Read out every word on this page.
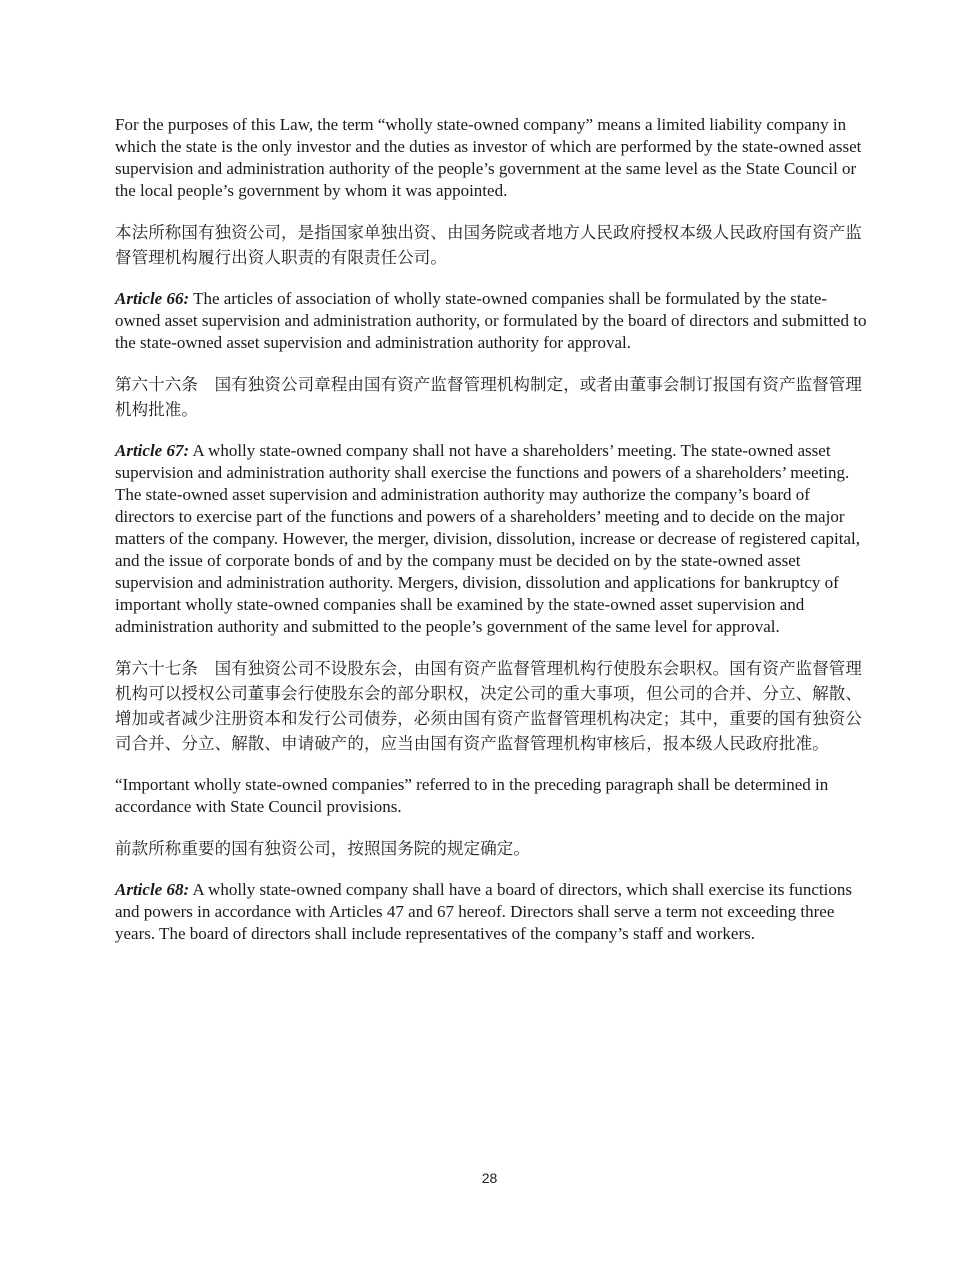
For the purposes of this Law, the term “wholly state-owned company” means a limited liability company in which the state is the only investor and the duties as investor of which are performed by the state-owned asset supervision and administration authority of the people’s government at the same level as the State Council or the local people’s government by whom it was appointed.

本法所称国有独资公司，是指国家单独出资、由国务院或者地方人民政府授权本级人民政府国有资产监督管理机构履行出资人职责的有限责任公司。

Article 66: The articles of association of wholly state-owned companies shall be formulated by the state-owned asset supervision and administration authority, or formulated by the board of directors and submitted to the state-owned asset supervision and administration authority for approval.

第六十六条　国有独资公司章程由国有资产监督管理机构制定，或者由董事会制订报国有资产监督管理机构批准。

Article 67: A wholly state-owned company shall not have a shareholders’ meeting. The state-owned asset supervision and administration authority shall exercise the functions and powers of a shareholders’ meeting. The state-owned asset supervision and administration authority may authorize the company’s board of directors to exercise part of the functions and powers of a shareholders’ meeting and to decide on the major matters of the company. However, the merger, division, dissolution, increase or decrease of registered capital, and the issue of corporate bonds of and by the company must be decided on by the state-owned asset supervision and administration authority. Mergers, division, dissolution and applications for bankruptcy of important wholly state-owned companies shall be examined by the state-owned asset supervision and administration authority and submitted to the people’s government of the same level for approval.

第六十七条　国有独资公司不设股东会，由国有资产监督管理机构行使股东会职权。国有资产监督管理机构可以授权公司董事会行使股东会的部分职权，决定公司的重大事项，但公司的合并、分立、解散、增加或者减少注册资本和发行公司债券，必须由国有资产监督管理机构决定；其中，重要的国有独资公司合并、分立、解散、申请破产的，应当由国有资产监督管理机构审核后，报本级人民政府批准。

“Important wholly state-owned companies” referred to in the preceding paragraph shall be determined in accordance with State Council provisions.

前款所称重要的国有独资公司，按照国务院的规定确定。

Article 68: A wholly state-owned company shall have a board of directors, which shall exercise its functions and powers in accordance with Articles 47 and 67 hereof. Directors shall serve a term not exceeding three years. The board of directors shall include representatives of the company’s staff and workers.

28
